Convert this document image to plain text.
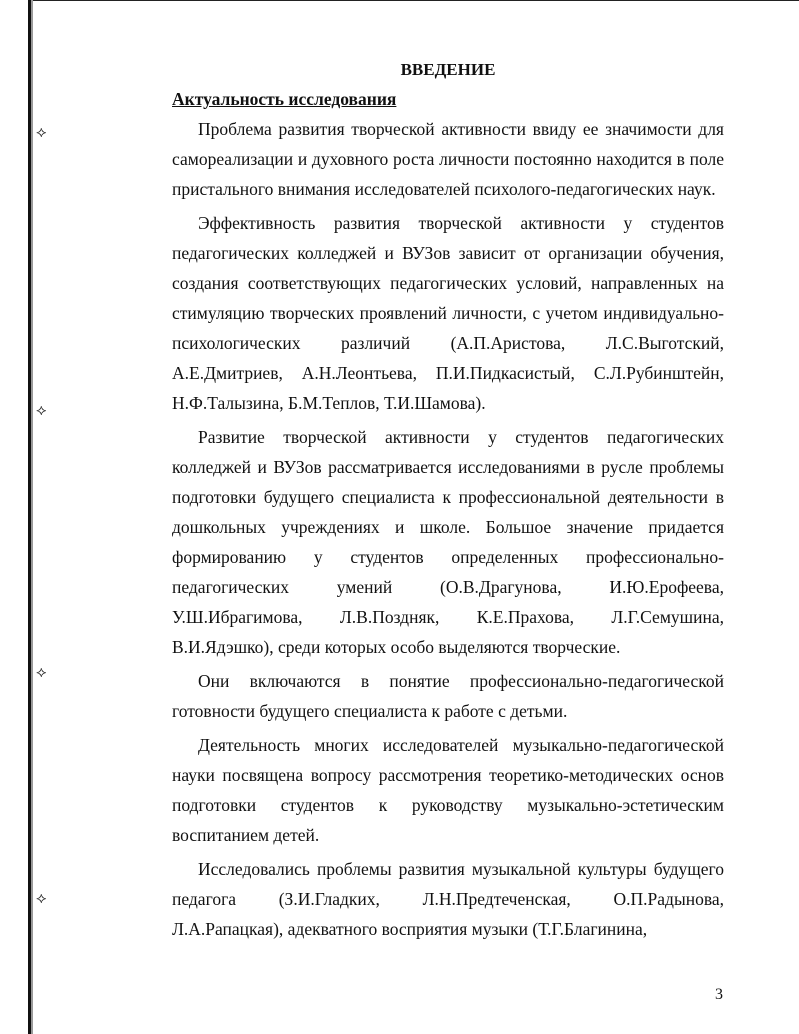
⟡
⟡
⟡
⟡
ВВЕДЕНИЕ

Актуальность исследования

Проблема развития творческой активности ввиду ее значимости для самореализации и духовного роста личности постоянно находится в поле пристального внимания исследователей психолого-педагогических наук.

Эффективность развития творческой активности у студентов педагогических колледжей и ВУЗов зависит от организации обучения, создания соответствующих педагогических условий, направленных на стимуляцию творческих проявлений личности, с учетом индивидуально-психологических различий (А.П.Аристова, Л.С.Выготский, А.Е.Дмитриев, А.Н.Леонтьева, П.И.Пидкасистый, С.Л.Рубинштейн, Н.Ф.Талызина, Б.М.Теплов, Т.И.Шамова).

Развитие творческой активности у студентов педагогических колледжей и ВУЗов рассматривается исследованиями в русле проблемы подготовки будущего специалиста к профессиональной деятельности в дошкольных учреждениях и школе. Большое значение придается формированию у студентов определенных профессионально-педагогических умений (О.В.Драгунова, И.Ю.Ерофеева, У.Ш.Ибрагимова, Л.В.Поздняк, К.Е.Прахова, Л.Г.Семушина, В.И.Ядэшко), среди которых особо выделяются творческие.

Они включаются в понятие профессионально-педагогической готовности будущего специалиста к работе с детьми.

Деятельность многих исследователей музыкально-педагогической науки посвящена вопросу рассмотрения теоретико-методических основ подготовки студентов к руководству музыкально-эстетическим воспитанием детей.

Исследовались проблемы развития музыкальной культуры будущего педагога (З.И.Гладких, Л.Н.Предтеченская, О.П.Радынова, Л.А.Рапацкая), адекватного восприятия музыки (Т.Г.Благинина,

3
